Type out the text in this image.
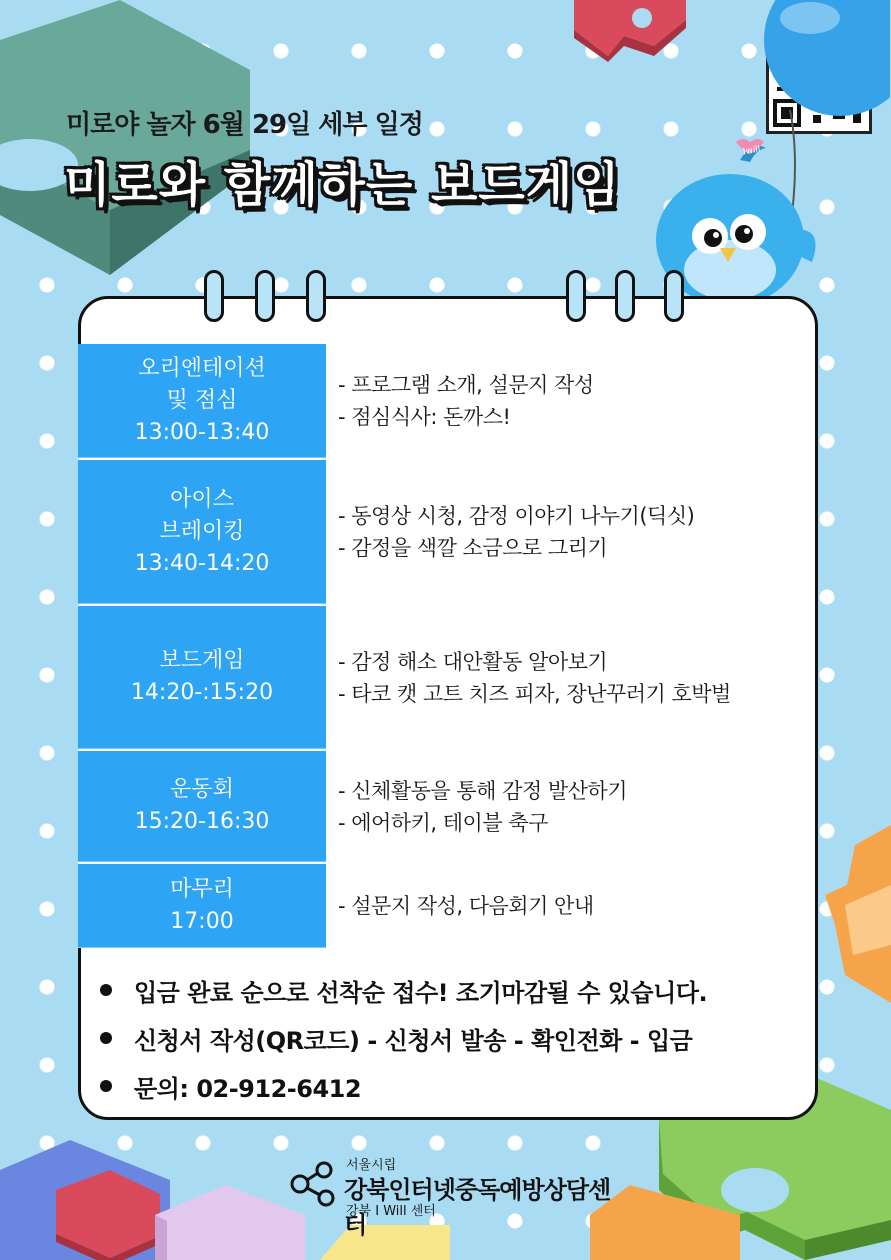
미로야 놀자 6월 29일 세부 일정
미로와 함께하는 보드게임
Iwill
오리엔테이션
및 점심
13:00-13:40
- 프로그램 소개, 설문지 작성
- 점심식사: 돈까스!
아이스
브레이킹
13:40-14:20
- 동영상 시청, 감정 이야기 나누기(딕싯)
- 감정을 색깔 소금으로 그리기
보드게임
14:20-:15:20
- 감정 해소 대안활동 알아보기
- 타코 캣 고트 치즈 피자, 장난꾸러기 호박벌
운동회
15:20-16:30
- 신체활동을 통해 감정 발산하기
- 에어하키, 테이블 축구
마무리
17:00
- 설문지 작성, 다음회기 안내
입금 완료 순으로 선착순 접수! 조기마감될 수 있습니다.
신청서 작성(QR코드) - 신청서 발송 - 확인전화 - 입금
문의: 02-912-6412
서울시립
강북인터넷중독예방상담센터
강북 I Will 센터
